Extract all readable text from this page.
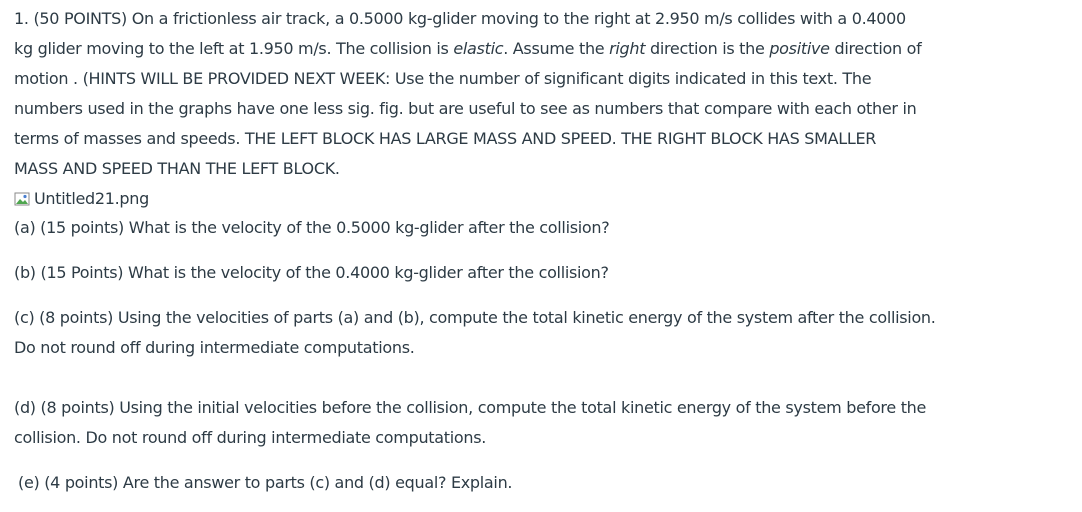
1. (50 POINTS) On a frictionless air track, a 0.5000 kg-glider moving to the right at 2.950 m/s collides with a 0.4000
kg glider moving to the left at 1.950 m/s. The collision is elastic. Assume the right direction is the positive direction of
motion . (HINTS WILL BE PROVIDED NEXT WEEK: Use the number of significant digits indicated in this text. The
numbers used in the graphs have one less sig. fig. but are useful to see as numbers that compare with each other in
terms of masses and speeds. THE LEFT BLOCK HAS LARGE MASS AND SPEED. THE RIGHT BLOCK HAS SMALLER
MASS AND SPEED THAN THE LEFT BLOCK.
Untitled21.png
(a) (15 points) What is the velocity of the 0.5000 kg-glider after the collision?
(b) (15 Points) What is the velocity of the 0.4000 kg-glider after the collision?
(c) (8 points) Using the velocities of parts (a) and (b), compute the total kinetic energy of the system after the collision.
Do not round off during intermediate computations.
(d) (8 points) Using the initial velocities before the collision, compute the total kinetic energy of the system before the
collision. Do not round off during intermediate computations.
(e) (4 points) Are the answer to parts (c) and (d) equal? Explain.
